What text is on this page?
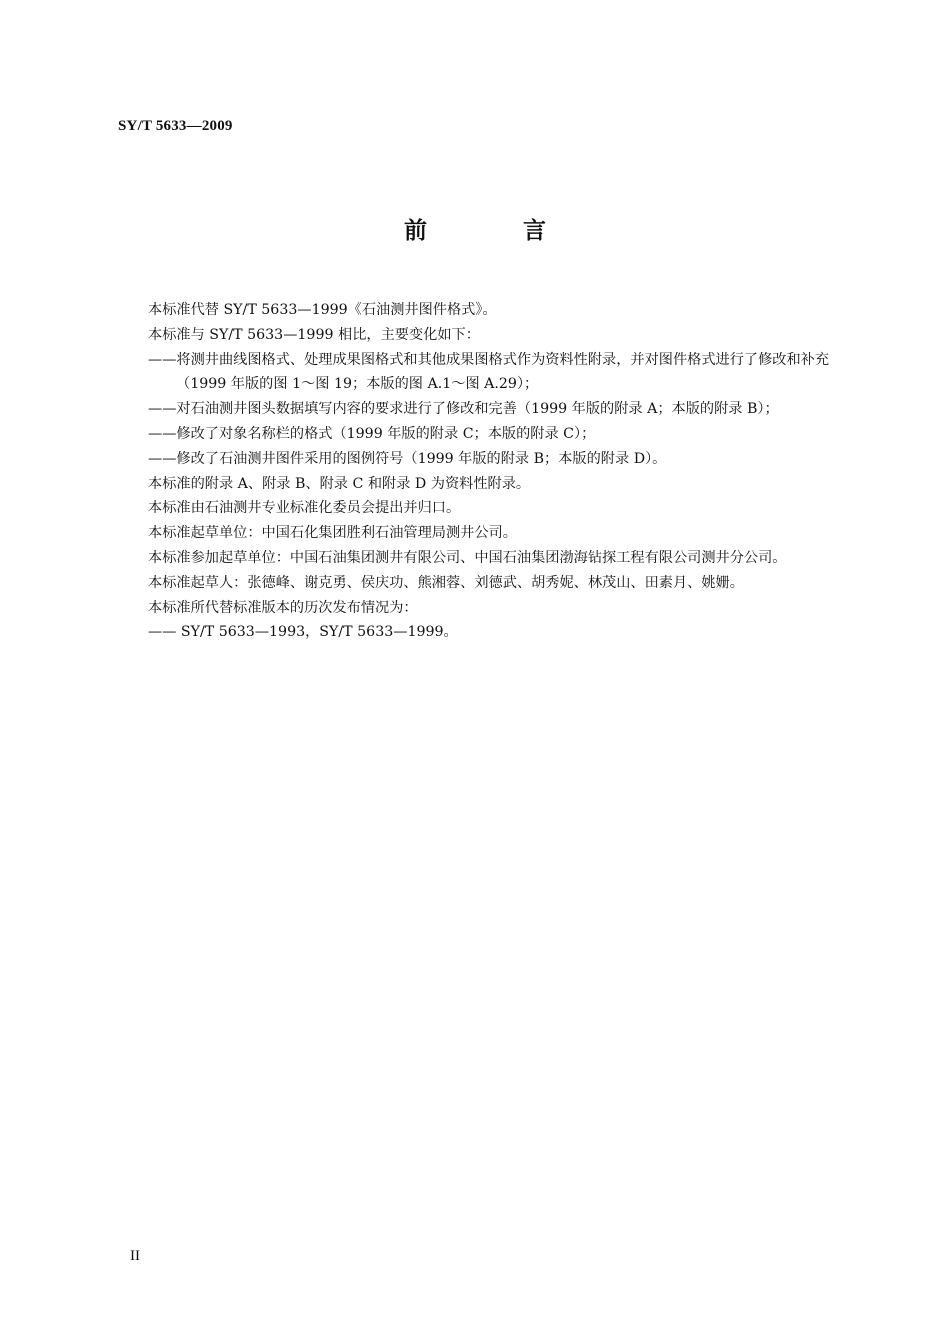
SY/T 5633—2009
前 言

本标准代替 SY/T 5633—1999《石油测井图件格式》。

本标准与 SY/T 5633—1999 相比，主要变化如下：

——将测井曲线图格式、处理成果图格式和其他成果图格式作为资料性附录，并对图件格式进行了修改和补充（1999 年版的图 1～图 19；本版的图 A.1～图 A.29）；

——对石油测井图头数据填写内容的要求进行了修改和完善（1999 年版的附录 A；本版的附录 B）；

——修改了对象名称栏的格式（1999 年版的附录 C；本版的附录 C）；

——修改了石油测井图件采用的图例符号（1999 年版的附录 B；本版的附录 D）。

本标准的附录 A、附录 B、附录 C 和附录 D 为资料性附录。

本标准由石油测井专业标准化委员会提出并归口。

本标准起草单位：中国石化集团胜利石油管理局测井公司。

本标准参加起草单位：中国石油集团测井有限公司、中国石油集团渤海钻探工程有限公司测井分公司。

本标准起草人：张德峰、谢克勇、侯庆功、熊湘蓉、刘德武、胡秀妮、林茂山、田素月、姚姗。

本标准所代替标准版本的历次发布情况为：

—— SY/T 5633—1993，SY/T 5633—1999。

II
